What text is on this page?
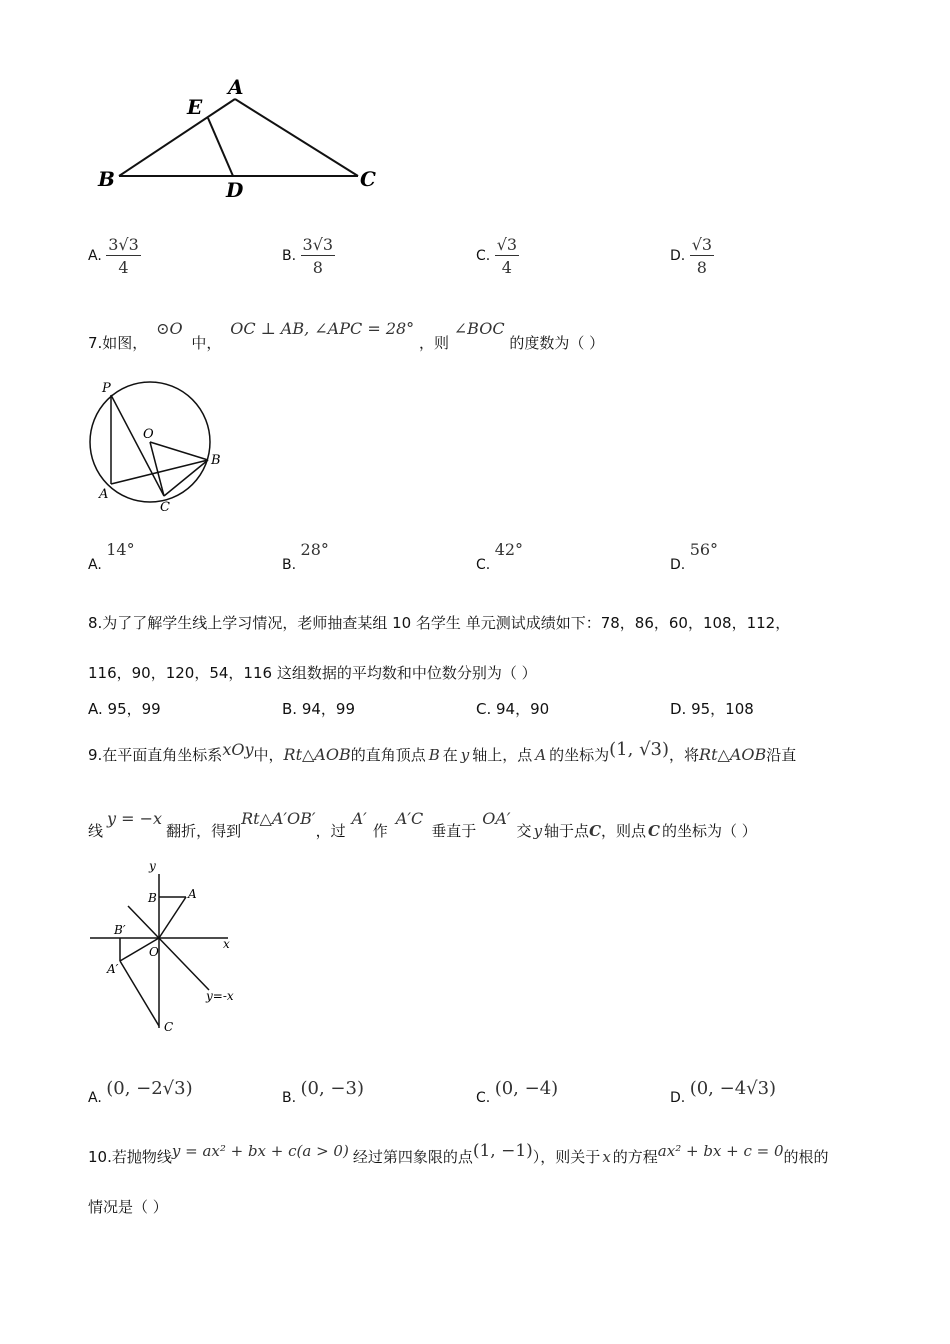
A
E
B	D	C
A. $\frac{3√3}{4}$	B. $\frac{3√3}{8}$	C. $\frac{√3}{4}$	D. $\frac{√3}{8}$
7.如图， ⊙O 中， OC ⊥ AB, ∠APC = 28° ，则 ∠BOC 的度数为（ ）
P
O
B
A
C
A. 14°
B. 28°
C. 42°
D. 56°
8.为了了解学生线上学习情况，老师抽查某组 10 名学生 单元测试成绩如下：78，86，60，108，112，
116，90，120，54，116 这组数据的平均数和中位数分别为（ ）
A. 95，99	B. 94，99	C. 94，90	D. 95，108
9.在平面直角坐标系xOy中，Rt△AOB的直角顶点 B 在 y 轴上，点 A 的坐标为(1, √3)，将Rt△AOB沿直
线y = −x翻折，得到Rt△A′OB′，过A′作A′C垂直于OA′交 y 轴于点C，则点 C 的坐标为（ ）
y
x
B	A
B′
O
A′
y=-x
C
A. (0, −2√3)	B. (0, −3)	C. (0, −4)	D. (0, −4√3)
10.若抛物线y = ax² + bx + c(a > 0) 经过第四象限的点(1, −1)），则关于 x 的方程ax² + bx + c = 0的根的
情况是（ ）
